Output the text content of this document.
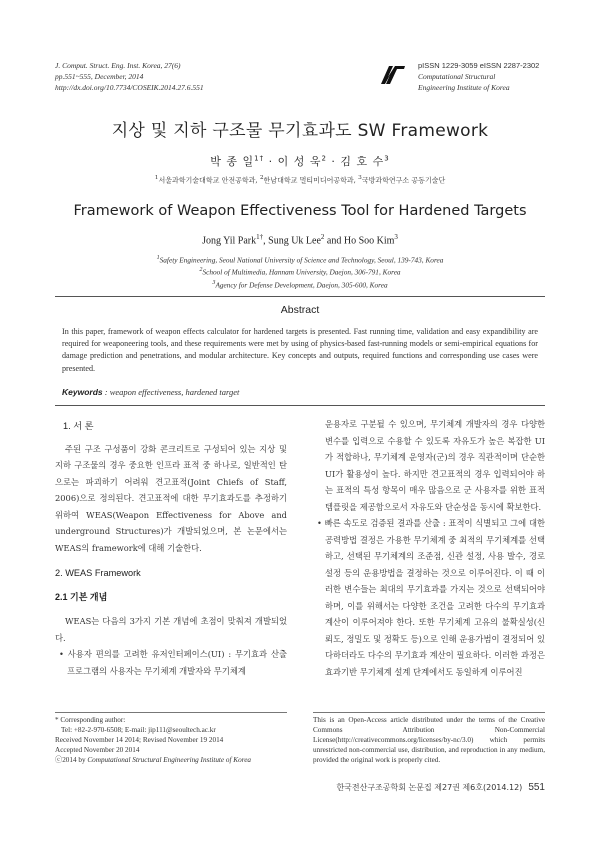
J. Comput. Struct. Eng. Inst. Korea, 27(6)
pp.551~555, December, 2014
http://dx.doi.org/10.7734/COSEIK.2014.27.6.551
pISSN 1229-3059 eISSN 2287-2302
Computational Structural
Engineering Institute of Korea
지상 및 지하 구조물 무기효과도 SW Framework
박 종 일$^{1\dagger}$ · 이 성 욱$^2$ · 김 호 수$^3$
$^1$서울과학기술대학교 안전공학과, $^2$한남대학교 멀티미디어공학과, $^3$국방과학연구소 공동기술단
Framework of Weapon Effectiveness Tool for Hardened Targets
Jong Yil Park$^{1\dagger}$, Sung Uk Lee$^2$ and Ho Soo Kim$^3$
$^1$Safety Engineering, Seoul National University of Science and Technology, Seoul, 139-743, Korea
$^2$School of Multimedia, Hannam University, Daejon, 306-791, Korea
$^3$Agency for Defense Development, Daejon, 305-600, Korea
Abstract
In this paper, framework of weapon effects calculator for hardened targets is presented. Fast running time, validation and easy expandibility are required for weaponeering tools, and these requirements were met by using of physics-based fast-running models or semi-empirical equations for damage prediction and penetrations, and modular architecture. Key concepts and outputs, required functions and corresponding use cases were presented.
Keywords : weapon effectiveness, hardened target

1. 서 론

주된 구조 구성품이 강화 콘크리트로 구성되어 있는 지상 및 지하 구조물의 경우 중요한 인프라 표적 중 하나로, 일반적인 탄으로는 파괴하기 어려워 견고표적(Joint Chiefs of Staff, 2006)으로 정의된다. 견고표적에 대한 무기효과도를 추정하기 위하여 WEAS(Weapon Effectiveness for Above and underground Structures)가 개발되었으며, 본 논문에서는 WEAS의 framework에 대해 기술한다.

2. WEAS Framework

2.1 기본 개념

WEAS는 다음의 3가지 기본 개념에 초점이 맞춰져 개발되었다.

• 사용자 편의를 고려한 유저인터페이스(UI) : 무기효과 산출 프로그램의 사용자는 무기체계 개발자와 무기체계

운용자로 구분될 수 있으며, 무기체계 개발자의 경우 다양한 변수를 입력으로 수용할 수 있도록 자유도가 높은 복잡한 UI가 적합하나, 무기체계 운영자(군)의 경우 직관적이며 단순한 UI가 활용성이 높다. 하지만 견고표적의 경우 입력되어야 하는 표적의 특성 항목이 매우 많음으로 군 사용자를 위한 표적 템플릿을 제공함으로서 자유도와 단순성을 동시에 확보한다.

• 빠른 속도로 검증된 결과를 산출 : 표적이 식별되고 그에 대한 공력방법 결정은 가용한 무기체계 중 최적의 무기체계를 선택하고, 선택된 무기체계의 조준점, 신관 설정, 사용 발수, 경로 설정 등의 운용방법을 결정하는 것으로 이루어진다. 이 때 이러한 변수들는 최대의 무기효과를 가지는 것으로 선택되어야 하며, 이를 위해서는 다양한 조건을 고려한 다수의 무기효과 계산이 이루어져야 한다. 또한 무기체계 고유의 불확실성(신뢰도, 정밀도 및 정확도 등)으로 인해 운용가범이 결정되어 있다하더라도 다수의 무기효과 계산이 필요하다. 이러한 과정은 효과기반 무기체계 설계 단계에서도 동일하게 이루어진

* Corresponding author:
Tel: +82-2-970-6508; E-mail: jip111@seoultech.ac.kr
Received November 14 2014; Revised November 19 2014
Accepted November 20 2014
ⓒ2014 by Computational Structural Engineering Institute of Korea
This is an Open-Access article distributed under the terms of the Creative Commons Attribution Non-Commercial License(http://creativecommons.org/licenses/by-nc/3.0) which permits unrestricted non-commercial use, distribution, and reproduction in any medium, provided the original work is properly cited.
한국전산구조공학회 논문집 제27권 제6호(2014.12) 551
